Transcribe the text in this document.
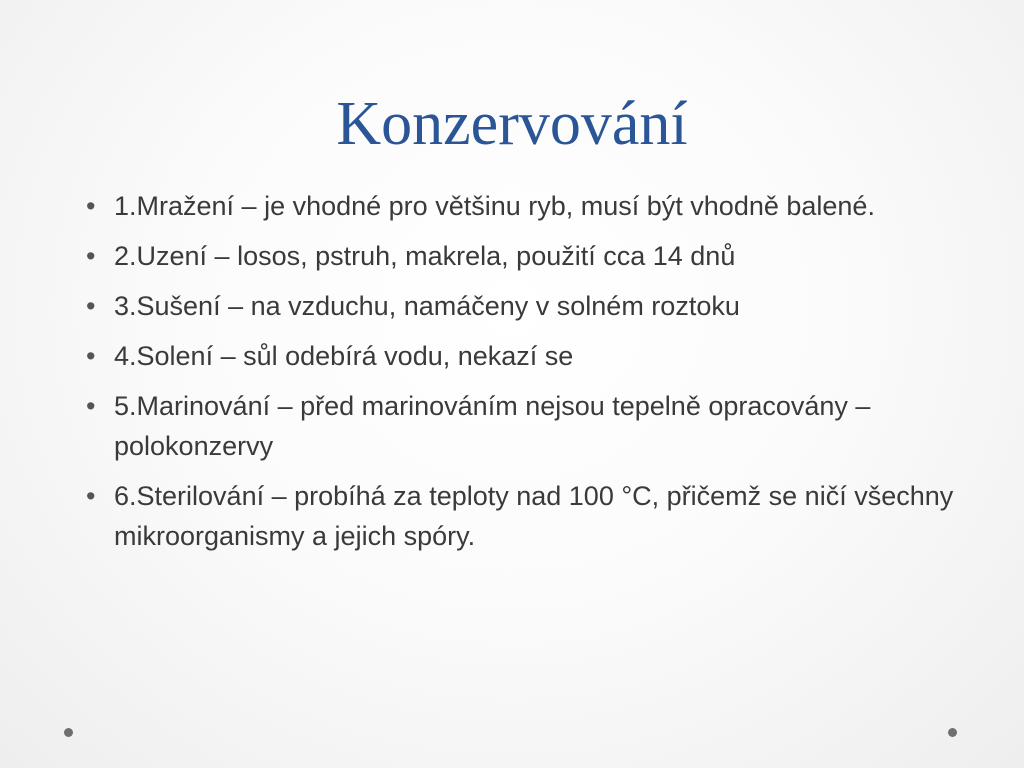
Konzervování
• 1.Mražení – je vhodné pro většinu ryb, musí být vhodně balené.
• 2.Uzení – losos, pstruh, makrela, použití cca 14 dnů
• 3.Sušení – na vzduchu, namáčeny v solném roztoku
• 4.Solení – sůl odebírá vodu, nekazí se
• 5.Marinování – před marinováním nejsou tepelně opracovány – polokonzervy
• 6.Sterilování – probíhá za teploty nad 100 °C, přičemž se ničí všechny mikroorganismy a jejich spóry.
